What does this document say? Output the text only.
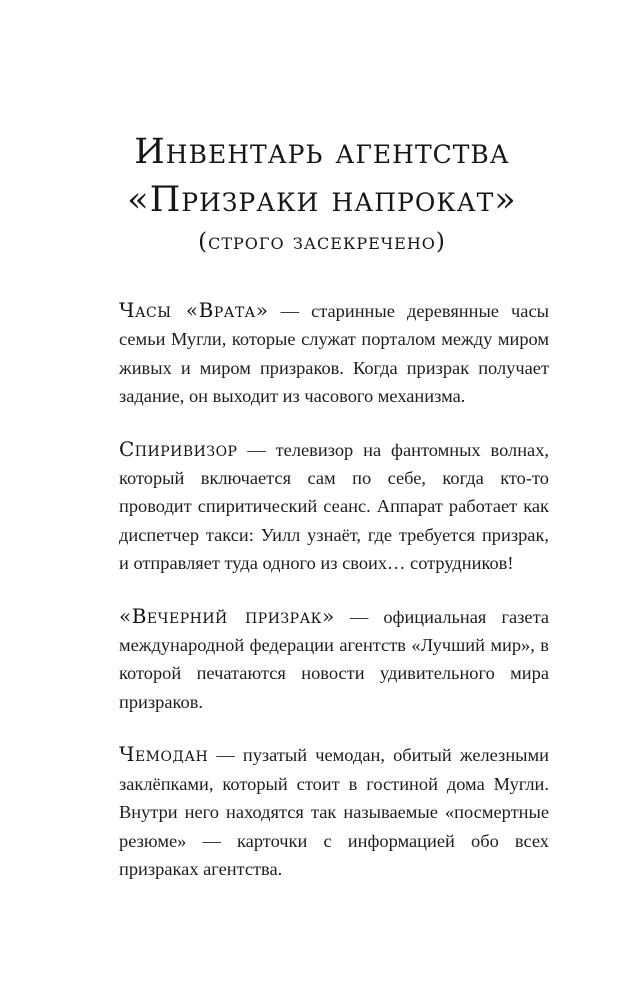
Инвентарь агентства
«Призраки напрокат»
(строго засекречено)

Часы «Врата» — старинные деревянные часы семьи Мугли, которые служат порталом между миром живых и миром призраков. Когда призрак получает задание, он выходит из часового механизма.

Спиривизор — телевизор на фантомных волнах, который включается сам по себе, когда кто-то проводит спиритический сеанс. Аппарат работает как диспетчер такси: Уилл узнаёт, где требуется призрак, и отправляет туда одного из своих… сотрудников!

«Вечерний призрак» — официальная газета международной федерации агентств «Лучший мир», в которой печатаются новости удивительного мира призраков.

Чемодан — пузатый чемодан, обитый железными заклёпками, который стоит в гостиной дома Мугли. Внутри него находятся так называемые «посмертные резюме» — карточки с информацией обо всех призраках агентства.
